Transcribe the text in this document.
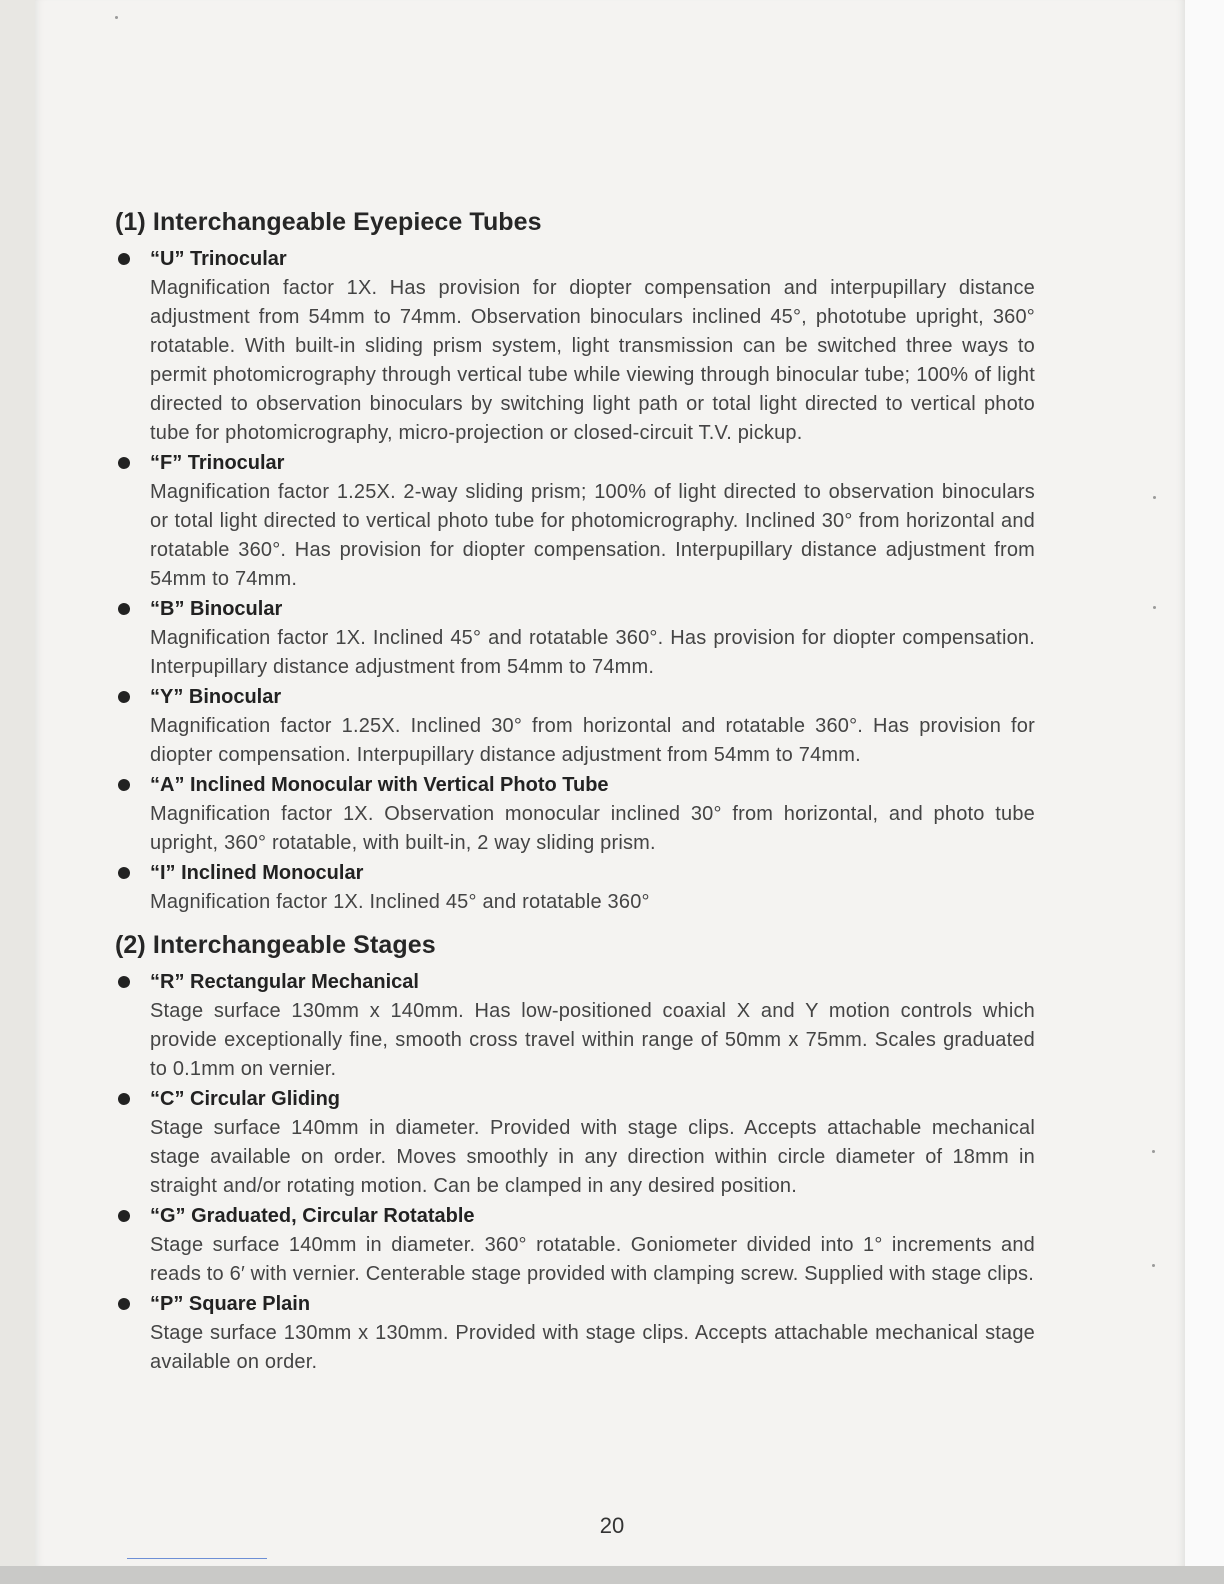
(1) Interchangeable Eyepiece Tubes
“U” Trinocular
Magnification factor 1X. Has provision for diopter compensation and interpupillary distance adjustment from 54mm to 74mm. Observation binoculars inclined 45°, phototube upright, 360° rotatable. With built-in sliding prism system, light transmission can be switched three ways to permit photomicrography through vertical tube while viewing through binocular tube; 100% of light directed to observation binoculars by switching light path or total light directed to vertical photo tube for photomicrography, micro-projection or closed-circuit T.V. pickup.
“F” Trinocular
Magnification factor 1.25X. 2-way sliding prism; 100% of light directed to observation binoculars or total light directed to vertical photo tube for photomicrography. Inclined 30° from horizontal and rotatable 360°. Has provision for diopter compensation. Interpupillary distance adjustment from 54mm to 74mm.
“B” Binocular
Magnification factor 1X. Inclined 45° and rotatable 360°. Has provision for diopter compensation. Interpupillary distance adjustment from 54mm to 74mm.
“Y” Binocular
Magnification factor 1.25X. Inclined 30° from horizontal and rotatable 360°. Has provision for diopter compensation. Interpupillary distance adjustment from 54mm to 74mm.
“A” Inclined Monocular with Vertical Photo Tube
Magnification factor 1X. Observation monocular inclined 30° from horizontal, and photo tube upright, 360° rotatable, with built-in, 2 way sliding prism.
“I” Inclined Monocular
Magnification factor 1X. Inclined 45° and rotatable 360°
(2) Interchangeable Stages
“R” Rectangular Mechanical
Stage surface 130mm x 140mm. Has low-positioned coaxial X and Y motion controls which provide exceptionally fine, smooth cross travel within range of 50mm x 75mm. Scales graduated to 0.1mm on vernier.
“C” Circular Gliding
Stage surface 140mm in diameter. Provided with stage clips. Accepts attachable mechanical stage available on order. Moves smoothly in any direction within circle diameter of 18mm in straight and/or rotating motion. Can be clamped in any desired position.
“G” Graduated, Circular Rotatable
Stage surface 140mm in diameter. 360° rotatable. Goniometer divided into 1° increments and reads to 6′ with vernier. Centerable stage provided with clamping screw. Supplied with stage clips.
“P” Square Plain
Stage surface 130mm x 130mm. Provided with stage clips. Accepts attachable mechanical stage available on order.
20
